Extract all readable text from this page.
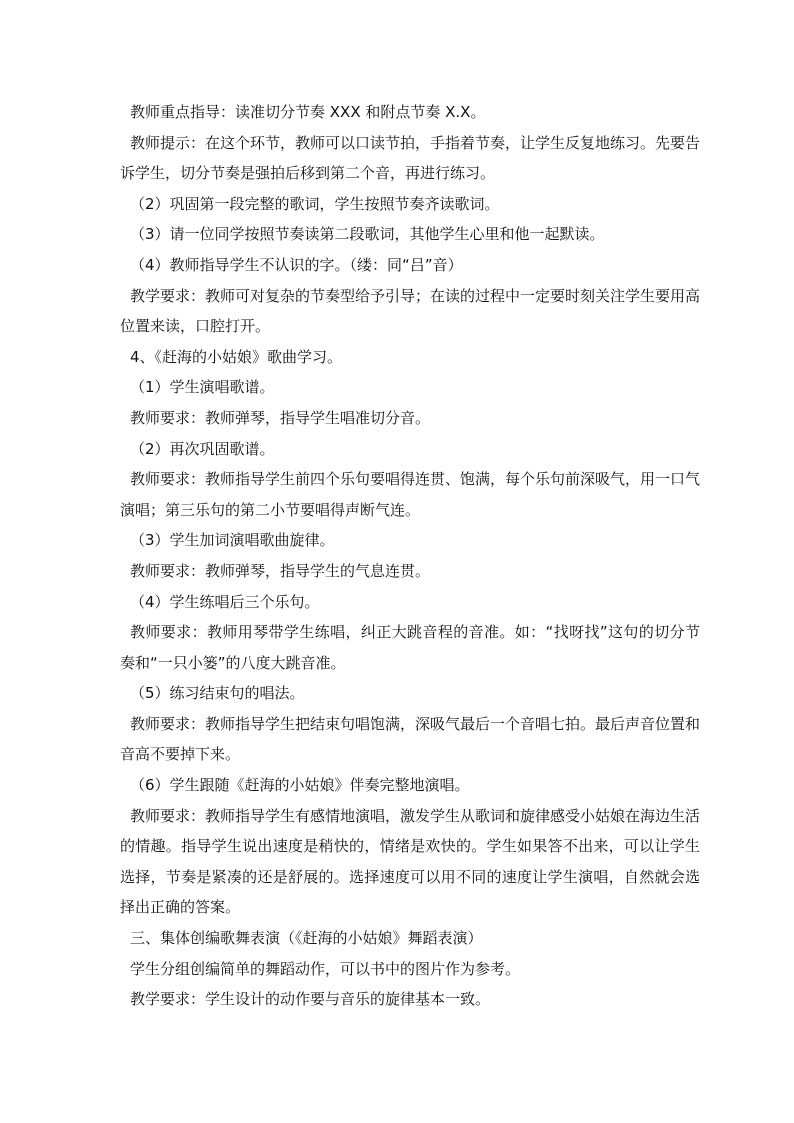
教师重点指导：读准切分节奏 XXX 和附点节奏 X.X。

教师提示：在这个环节，教师可以口读节拍，手指着节奏，让学生反复地练习。先要告诉学生，切分节奏是强拍后移到第二个音，再进行练习。

（2）巩固第一段完整的歌词，学生按照节奏齐读歌词。

（3）请一位同学按照节奏读第二段歌词，其他学生心里和他一起默读。

（4）教师指导学生不认识的字。（缕：同“吕”音）

教学要求：教师可对复杂的节奏型给予引导；在读的过程中一定要时刻关注学生要用高位置来读，口腔打开。

4、《赶海的小姑娘》歌曲学习。

（1）学生演唱歌谱。

教师要求：教师弹琴，指导学生唱准切分音。

（2）再次巩固歌谱。

教师要求：教师指导学生前四个乐句要唱得连贯、饱满，每个乐句前深吸气，用一口气演唱；第三乐句的第二小节要唱得声断气连。

（3）学生加词演唱歌曲旋律。

教师要求：教师弹琴，指导学生的气息连贯。

（4）学生练唱后三个乐句。

教师要求：教师用琴带学生练唱，纠正大跳音程的音准。如：“找呀找”这句的切分节奏和“一只小篓”的八度大跳音准。

（5）练习结束句的唱法。

教师要求：教师指导学生把结束句唱饱满，深吸气最后一个音唱七拍。最后声音位置和音高不要掉下来。

（6）学生跟随《赶海的小姑娘》伴奏完整地演唱。

教师要求：教师指导学生有感情地演唱，激发学生从歌词和旋律感受小姑娘在海边生活的情趣。指导学生说出速度是稍快的，情绪是欢快的。学生如果答不出来，可以让学生选择，节奏是紧凑的还是舒展的。选择速度可以用不同的速度让学生演唱，自然就会选择出正确的答案。

三、集体创编歌舞表演（《赶海的小姑娘》舞蹈表演）

学生分组创编简单的舞蹈动作，可以书中的图片作为参考。

教学要求：学生设计的动作要与音乐的旋律基本一致。
